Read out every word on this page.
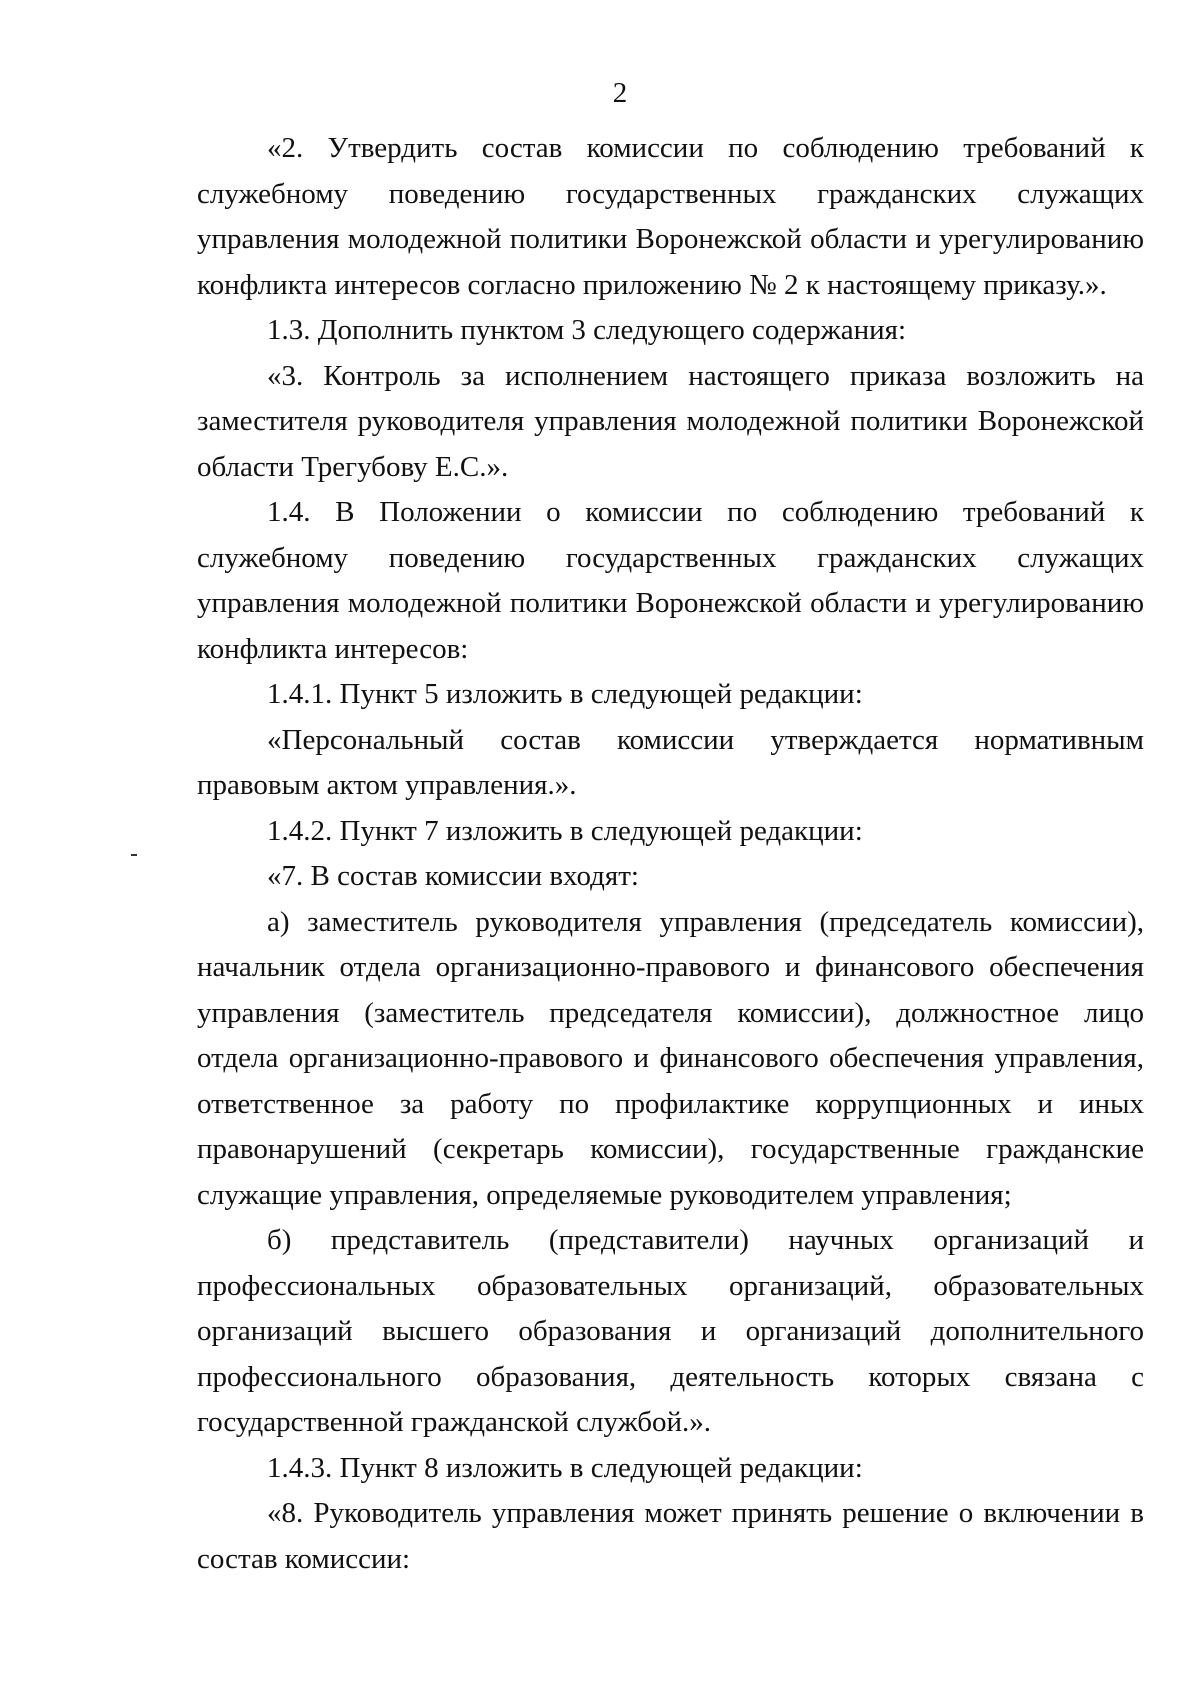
2

«2. Утвердить состав комиссии по соблюдению требований к служебному поведению государственных гражданских служащих управления молодежной политики Воронежской области и урегулированию конфликта интересов согласно приложению № 2 к настоящему приказу.».

1.3. Дополнить пунктом 3 следующего содержания:

«3. Контроль за исполнением настоящего приказа возложить на заместителя руководителя управления молодежной политики Воронежской области Трегубову Е.С.».

1.4. В Положении о комиссии по соблюдению требований к служебному поведению государственных гражданских служащих управления молодежной политики Воронежской области и урегулированию конфликта интересов:

1.4.1. Пункт 5 изложить в следующей редакции:

«Персональный состав комиссии утверждается нормативным правовым актом управления.».

1.4.2. Пункт 7 изложить в следующей редакции:

«7. В состав комиссии входят:

а) заместитель руководителя управления (председатель комиссии), начальник отдела организационно-правового и финансового обеспечения управления (заместитель председателя комиссии), должностное лицо отдела организационно-правового и финансового обеспечения управления, ответственное за работу по профилактике коррупционных и иных правонарушений (секретарь комиссии), государственные гражданские служащие управления, определяемые руководителем управления;

б) представитель (представители) научных организаций и профессиональных образовательных организаций, образовательных организаций высшего образования и организаций дополнительного профессионального образования, деятельность которых связана с государственной гражданской службой.».

1.4.3. Пункт 8 изложить в следующей редакции:

«8. Руководитель управления может принять решение о включении в состав комиссии:
